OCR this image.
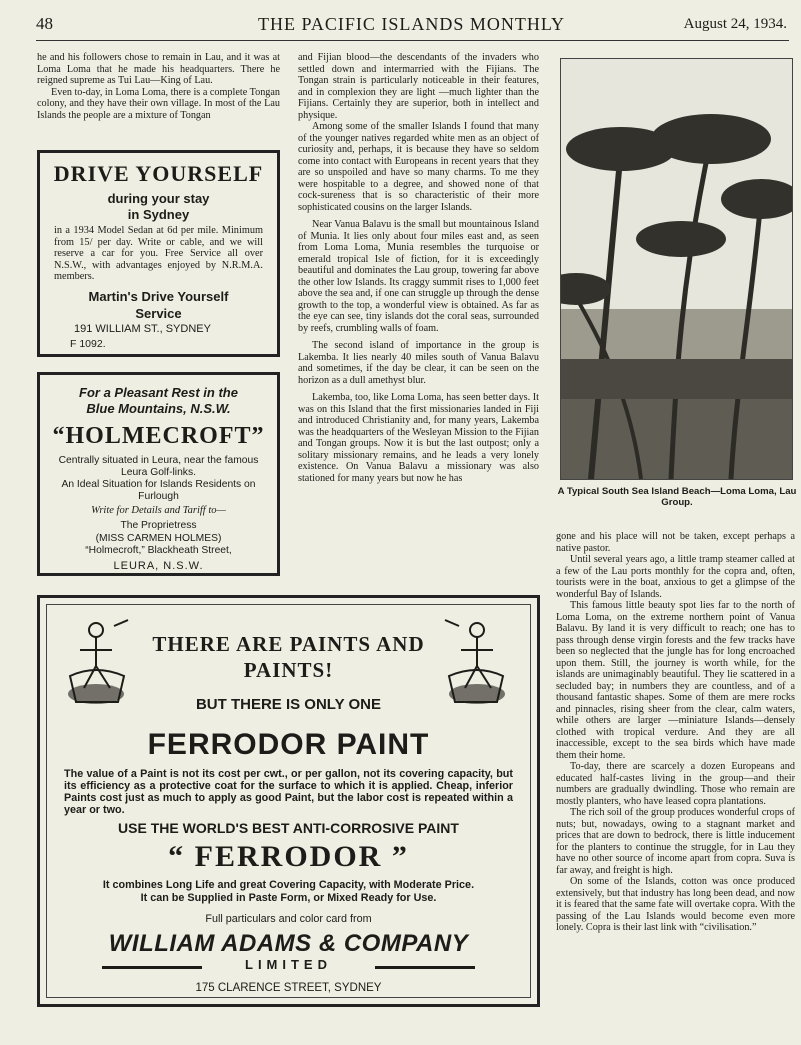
48	THE PACIFIC ISLANDS MONTHLY	August 24, 1934.

he and his followers chose to remain in Lau, and it was at Loma Loma that he made his headquarters. There he reigned supreme as Tui Lau—King of Lau.

Even to-day, in Loma Loma, there is a complete Tongan colony, and they have their own village. In most of the Lau Islands the people are a mixture of Tongan

DRIVE YOURSELF
during your stay
in Sydney
in a 1934 Model Sedan at 6d per mile. Minimum from 15/ per day. Write or cable, and we will reserve a car for you. Free Service all over N.S.W., with advantages enjoyed by N.R.M.A. members.
Martin's Drive Yourself
Service
191 WILLIAM ST., SYDNEY
F 1092.
For a Pleasant Rest in the
Blue Mountains, N.S.W.
“HOLMECROFT”
Centrally situated in Leura, near the famous Leura Golf-links.
An Ideal Situation for Islands Residents on Furlough
Write for Details and Tariff to—
The Proprietress
(MISS CARMEN HOLMES)
“Holmecroft,” Blackheath Street,
LEURA, N.S.W.

and Fijian blood—the descendants of the invaders who settled down and intermarried with the Fijians. The Tongan strain is particularly noticeable in their features, and in complexion they are light —much lighter than the Fijians. Certainly they are superior, both in intellect and physique.

Among some of the smaller Islands I found that many of the younger natives regarded white men as an object of curiosity and, perhaps, it is because they have so seldom come into contact with Europeans in recent years that they are so unspoiled and have so many charms. To me they were hospitable to a degree, and showed none of that cock-sureness that is so characteristic of their more sophisticated cousins on the larger Islands.

Near Vanua Balavu is the small but mountainous Island of Munia. It lies only about four miles east and, as seen from Loma Loma, Munia resembles the turquoise or emerald tropical Isle of fiction, for it is exceedingly beautiful and dominates the Lau group, towering far above the other low Islands. Its craggy summit rises to 1,000 feet above the sea and, if one can struggle up through the dense growth to the top, a wonderful view is obtained. As far as the eye can see, tiny islands dot the coral seas, surrounded by reefs, crumbling walls of foam.

The second island of importance in the group is Lakemba. It lies nearly 40 miles south of Vanua Balavu and sometimes, if the day be clear, it can be seen on the horizon as a dull amethyst blur.

Lakemba, too, like Loma Loma, has seen better days. It was on this Island that the first missionaries landed in Fiji and introduced Christianity and, for many years, Lakemba was the headquarters of the Wesleyan Mission to the Fijian and Tongan groups. Now it is but the last outpost; only a solitary missionary remains, and he leads a very lonely existence. On Vanua Balavu a missionary was also stationed for many years but now he has

A Typical South Sea Island Beach—Loma Loma, Lau Group.

gone and his place will not be taken, except perhaps a native pastor.

Until several years ago, a little tramp steamer called at a few of the Lau ports monthly for the copra and, often, tourists were in the boat, anxious to get a glimpse of the wonderful Bay of Islands.

This famous little beauty spot lies far to the north of Loma Loma, on the extreme northern point of Vanua Balavu. By land it is very difficult to reach; one has to pass through dense virgin forests and the few tracks have been so neglected that the jungle has for long encroached upon them. Still, the journey is worth while, for the islands are unimaginably beautiful. They lie scattered in a secluded bay; in numbers they are countless, and of a thousand fantastic shapes. Some of them are mere rocks and pinnacles, rising sheer from the clear, calm waters, while others are larger —miniature Islands—densely clothed with tropical verdure. And they are all inaccessible, except to the sea birds which have made them their home.

To-day, there are scarcely a dozen Europeans and educated half-castes living in the group—and their numbers are gradually dwindling. Those who remain are mostly planters, who have leased copra plantations.

The rich soil of the group produces wonderful crops of nuts; but, nowadays, owing to a stagnant market and prices that are down to bedrock, there is little inducement for the planters to continue the struggle, for in Lau they have no other source of income apart from copra. Suva is far away, and freight is high.

On some of the Islands, cotton was once produced extensively, but that industry has long been dead, and now it is feared that the same fate will overtake copra. With the passing of the Lau Islands would become even more lonely. Copra is their last link with “civilisation.”

THERE ARE PAINTS AND
PAINTS!
BUT THERE IS ONLY ONE
FERRODOR PAINT
The value of a Paint is not its cost per cwt., or per gallon, not its covering capacity, but its efficiency as a protective coat for the surface to which it is applied. Cheap, inferior Paints cost just as much to apply as good Paint, but the labor cost is repeated within a year or two.
USE THE WORLD'S BEST ANTI-CORROSIVE PAINT
“ FERRODOR ”
It combines Long Life and great Covering Capacity, with Moderate Price.
It can be Supplied in Paste Form, or Mixed Ready for Use.
Full particulars and color card from
WILLIAM ADAMS & COMPANY
LIMITED
175 CLARENCE STREET, SYDNEY
